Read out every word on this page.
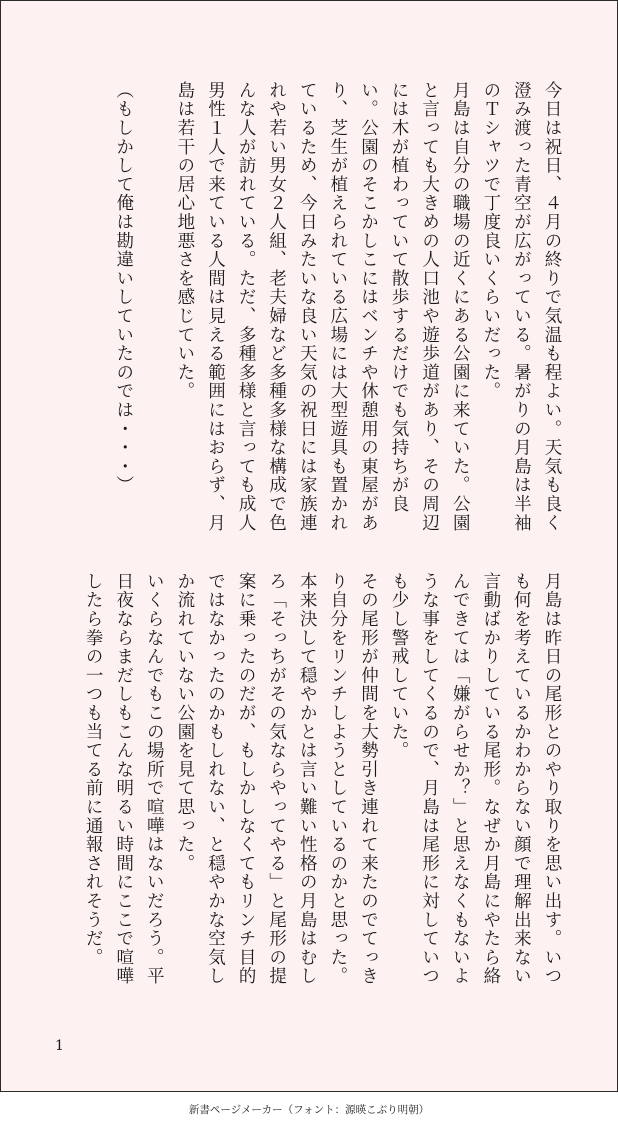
今日は祝日、４月の終りで気温も程よい。天気も良く澄み渡った青空が広がっている。暑がりの月島は半袖のＴシャツで丁度良いくらいだった。

月島は自分の職場の近くにある公園に来ていた。公園と言っても大きめの人口池や遊歩道があり、その周辺には木が植わっていて散歩するだけでも気持ちが良い。公園のそこかしこにはベンチや休憩用の東屋があり、芝生が植えられている広場には大型遊具も置かれているため、今日みたいな良い天気の祝日には家族連れや若い男女２人組、老夫婦など多種多様な構成で色んな人が訪れている。ただ、多種多様と言っても成人男性１人で来ている人間は見える範囲にはおらず、月島は若干の居心地悪さを感じていた。

（もしかして俺は勘違いしていたのでは・・・）

月島は昨日の尾形とのやり取りを思い出す。いつも何を考えているかわからない顔で理解出来ない言動ばかりしている尾形。なぜか月島にやたら絡んできては「嫌がらせか？」と思えなくもないような事をしてくるので、月島は尾形に対していつも少し警戒していた。

その尾形が仲間を大勢引き連れて来たのでてっきり自分をリンチしようとしているのかと思った。本来決して穏やかとは言い難い性格の月島はむしろ「そっちがその気ならやってやる」と尾形の提案に乗ったのだが、もしかしなくてもリンチ目的ではなかったのかもしれない、と穏やかな空気しか流れていない公園を見て思った。

いくらなんでもこの場所で喧嘩はないだろう。平日夜ならまだしもこんな明るい時間にここで喧嘩したら拳の一つも当てる前に通報されそうだ。

1
新書ページメーカー（フォント：源暎こぶり明朝）
